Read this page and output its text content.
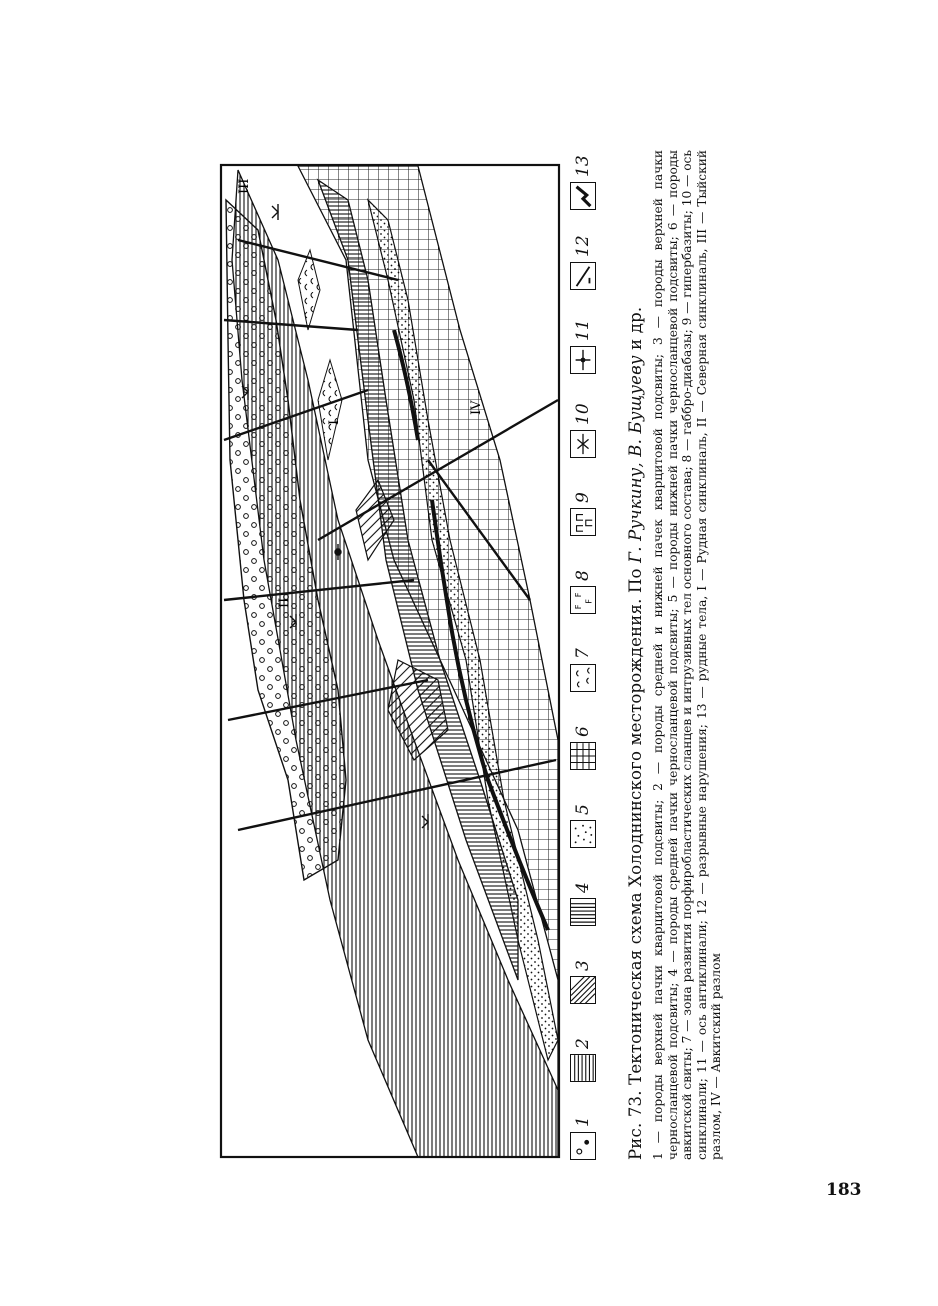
I
II
III
IV
1
2
3
4
5
6
7
F
F
F
8
9
10
11
12
13

Рис. 73. Тектоническая схема Холоднинского месторождения. По Г. Ручкину, В. Бущуеву и др. 1 — породы верхней пачки кварцитовой подсвиты; 2 — породы средней и нижней пачек кварцитовой подсвиты; 3 — породы верхней пачки черносланцевой подсвиты; 4 — породы средней пачки черносланцевой подсвиты; 5 — породы нижней пачки черносланцевой подсвиты; 6 — породы авкитской свиты; 7 — зона развития порфиробластических сланцев и интрузивных тел основного состава; 8 — габбро-диабазы; 9 — гипербазиты; 10 — ось синклинали; 11 — ось антиклинали; 12 — разрывные нарушения; 13 — рудные тела, I — Рудная синклиналь, II — Северная синклиналь, III — Тыйский разлом, IV — Авкитский разлом

183
